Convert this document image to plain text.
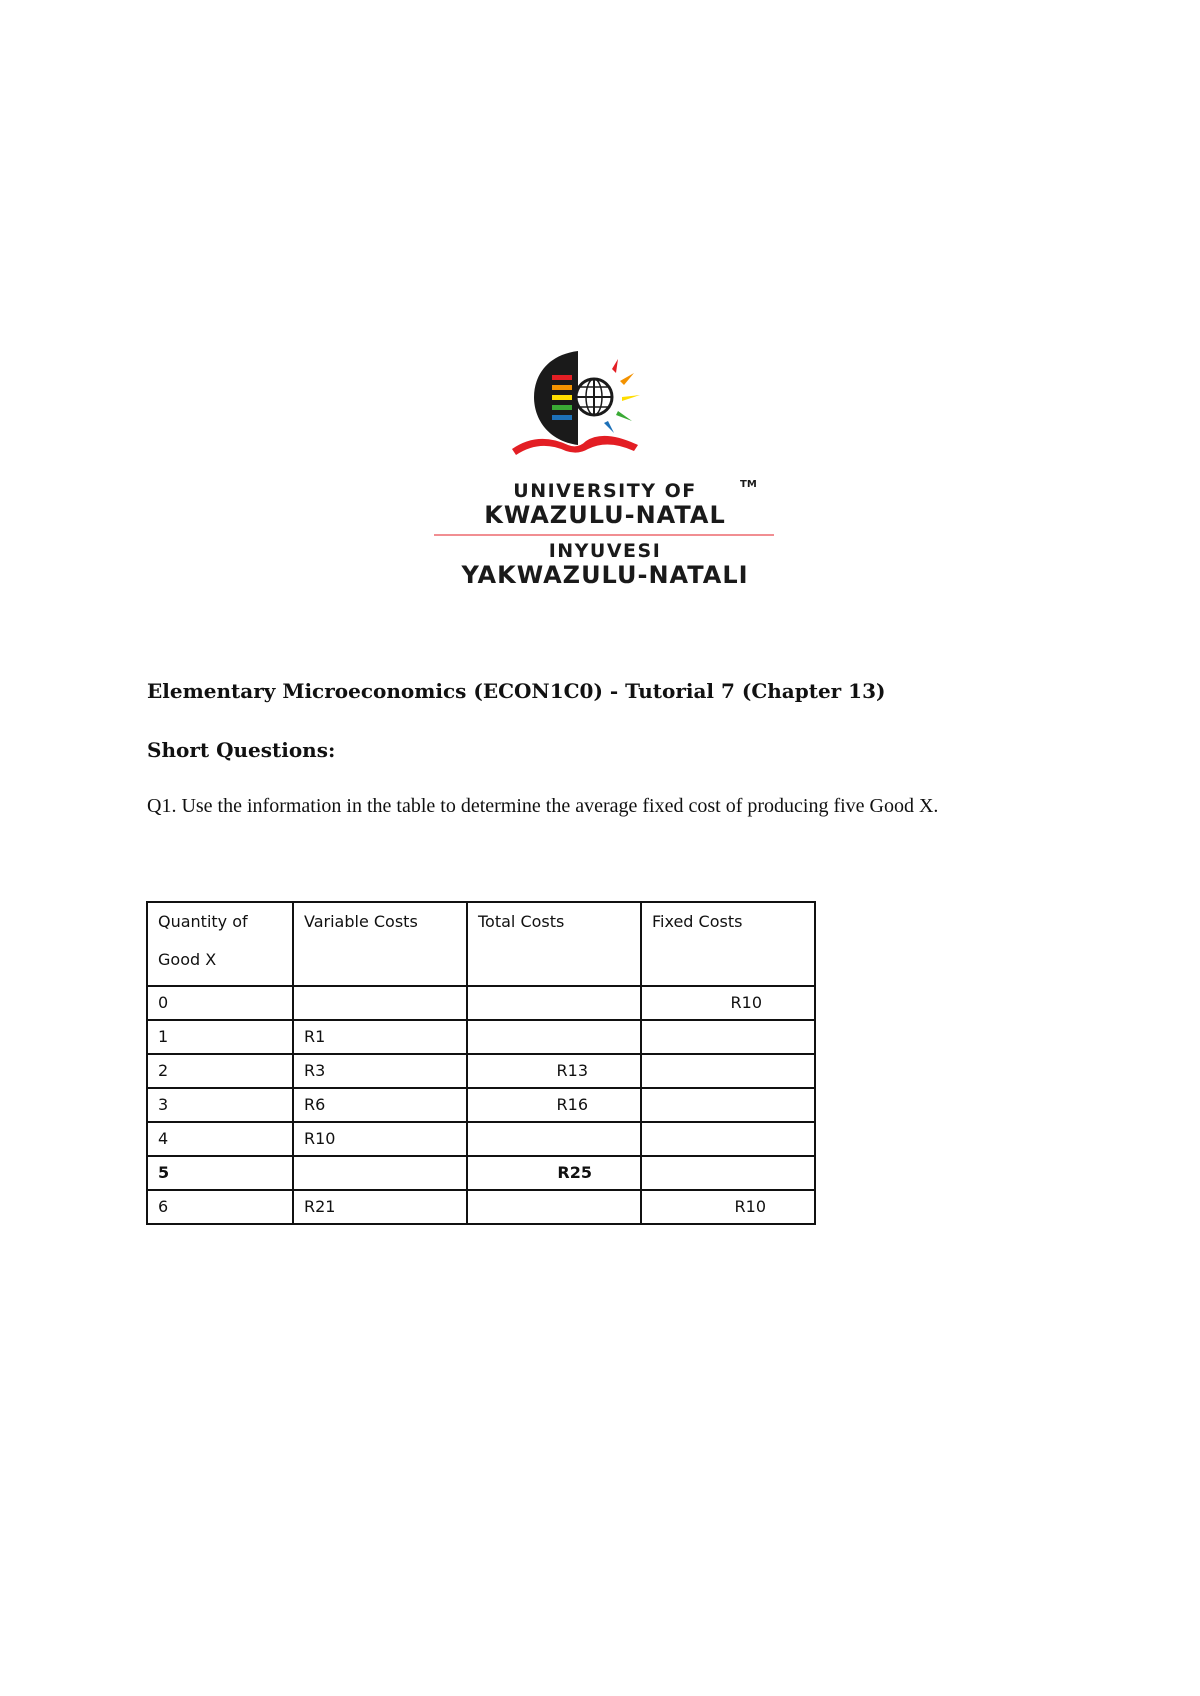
UNIVERSITY OF	TM
KWAZULU-NATAL
INYUVESI
YAKWAZULU-NATALI

Elementary Microeconomics (ECON1C0) - Tutorial 7 (Chapter 13)

Short Questions:

Q1. Use the information in the table to determine the average fixed cost of producing five Good X.

Quantity of
Good X	Variable Costs	Total Costs	Fixed Costs
0			R10
1	R1		
2	R3	R13	
3	R6	R16	
4	R10		
5		R25	
6	R21		R10
